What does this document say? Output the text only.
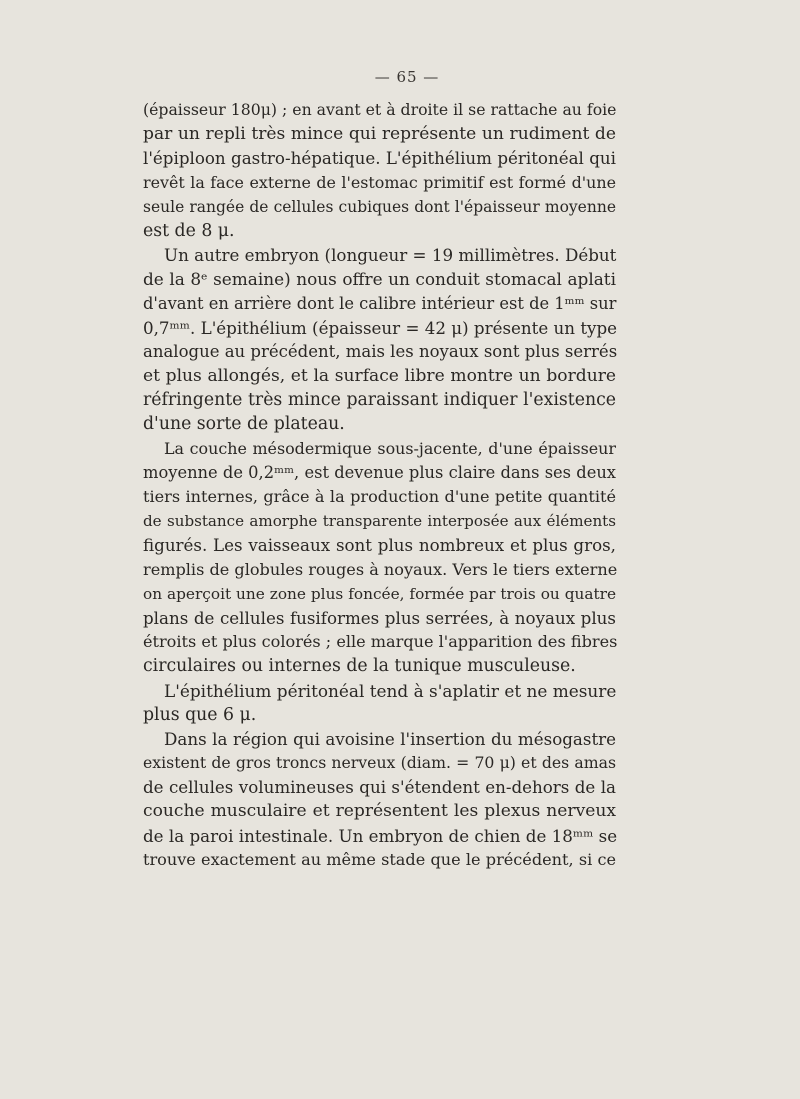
— 65 —
(épaisseur 180μ) ; en avant et à droite il se rattache au foie
par un repli très mince qui représente un rudiment de
l'épiploon gastro-hépatique. L'épithélium péritonéal qui
revêt la face externe de l'estomac primitif est formé d'une
seule rangée de cellules cubiques dont l'épaisseur moyenne
est de 8 μ.
Un autre embryon (longueur = 19 millimètres. Début
de la 8ᵉ semaine) nous offre un conduit stomacal aplati
d'avant en arrière dont le calibre intérieur est de 1ᵐᵐ sur
0,7ᵐᵐ. L'épithélium (épaisseur = 42 μ) présente un type
analogue au précédent, mais les noyaux sont plus serrés
et plus allongés, et la surface libre montre un bordure
réfringente très mince paraissant indiquer l'existence
d'une sorte de plateau.
La couche mésodermique sous-jacente, d'une épaisseur
moyenne de 0,2ᵐᵐ, est devenue plus claire dans ses deux
tiers internes, grâce à la production d'une petite quantité
de substance amorphe transparente interposée aux éléments
figurés. Les vaisseaux sont plus nombreux et plus gros,
remplis de globules rouges à noyaux. Vers le tiers externe
on aperçoit une zone plus foncée, formée par trois ou quatre
plans de cellules fusiformes plus serrées, à noyaux plus
étroits et plus colorés ; elle marque l'apparition des fibres
circulaires ou internes de la tunique musculeuse.
L'épithélium péritonéal tend à s'aplatir et ne mesure
plus que 6 μ.
Dans la région qui avoisine l'insertion du mésogastre
existent de gros troncs nerveux (diam. = 70 μ) et des amas
de cellules volumineuses qui s'étendent en-dehors de la
couche musculaire et représentent les plexus nerveux
de la paroi intestinale. Un embryon de chien de 18ᵐᵐ se
trouve exactement au même stade que le précédent, si ce
